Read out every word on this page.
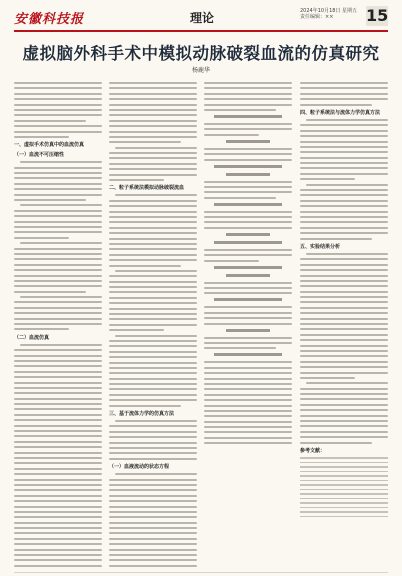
安徽科技报	理论	2024年10月18日 星期五
责任编辑：××	15
虚拟脑外科手术中模拟动脉破裂血流的仿真研究
杨鹿华
一、虚拟手术仿真中的血流仿真
（一）血流不可压缩性
（二）血流仿真
二、粒子系统法模拟动脉破裂流血
三、基于流体力学的仿真方法
（一）血液流动的状态方程
四、粒子系统法与流体力学仿真方法
五、实验结果分析
参考文献：
